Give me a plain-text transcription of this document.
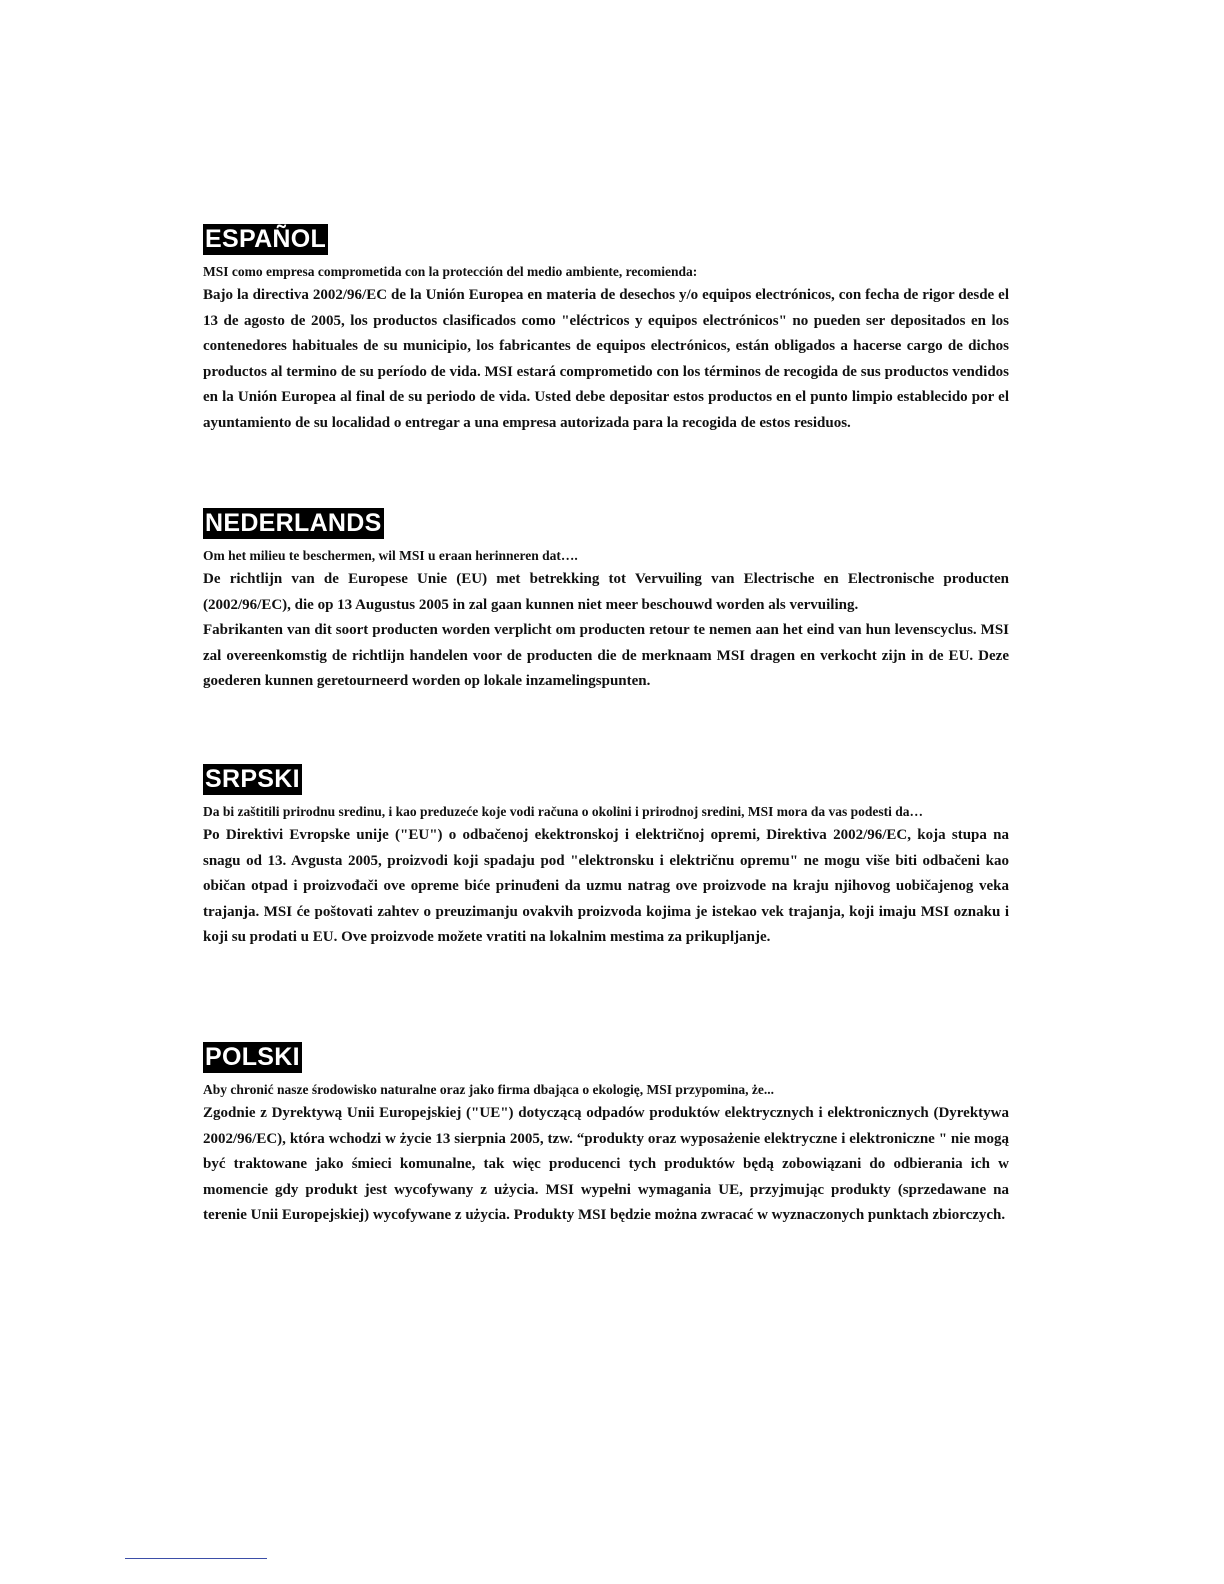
ESPAÑOL

MSI como empresa comprometida con la protección del medio ambiente, recomienda:

Bajo la directiva 2002/96/EC de la Unión Europea en materia de desechos y/o equipos electrónicos, con fecha de rigor desde el 13 de agosto de 2005, los productos clasificados como "eléctricos y equipos electrónicos" no pueden ser depositados en los contenedores habituales de su municipio, los fabricantes de equipos electrónicos, están obligados a hacerse cargo de dichos productos al termino de su período de vida. MSI estará comprometido con los términos de recogida de sus productos vendidos en la Unión Europea al final de su periodo de vida. Usted debe depositar estos productos en el punto limpio establecido por el ayuntamiento de su localidad o entregar a una empresa autorizada para la recogida de estos residuos.

NEDERLANDS

Om het milieu te beschermen, wil MSI u eraan herinneren dat….

De richtlijn van de Europese Unie (EU) met betrekking tot Vervuiling van Electrische en Electronische producten (2002/96/EC), die op 13 Augustus 2005 in zal gaan kunnen niet meer beschouwd worden als vervuiling.

Fabrikanten van dit soort producten worden verplicht om producten retour te nemen aan het eind van hun levenscyclus. MSI zal overeenkomstig de richtlijn handelen voor de producten die de merknaam MSI dragen en verkocht zijn in de EU. Deze goederen kunnen geretourneerd worden op lokale inzamelingspunten.

SRPSKI

Da bi zaštitili prirodnu sredinu, i kao preduzeće koje vodi računa o okolini i prirodnoj sredini, MSI mora da vas podesti da…

Po Direktivi Evropske unije ("EU") o odbačenoj ekektronskoj i električnoj opremi, Direktiva 2002/96/EC, koja stupa na snagu od 13. Avgusta 2005, proizvodi koji spadaju pod "elektronsku i električnu opremu" ne mogu više biti odbačeni kao običan otpad i proizvođači ove opreme biće prinuđeni da uzmu natrag ove proizvode na kraju njihovog uobičajenog veka trajanja. MSI će poštovati zahtev o preuzimanju ovakvih proizvoda kojima je istekao vek trajanja, koji imaju MSI oznaku i koji su prodati u EU. Ove proizvode možete vratiti na lokalnim mestima za prikupljanje.

POLSKI

Aby chronić nasze środowisko naturalne oraz jako firma dbająca o ekologię, MSI przypomina, że...

Zgodnie z Dyrektywą Unii Europejskiej ("UE") dotyczącą odpadów produktów elektrycznych i elektronicznych (Dyrektywa 2002/96/EC), która wchodzi w życie 13 sierpnia 2005, tzw. “produkty oraz wyposażenie elektryczne i elektroniczne " nie mogą być traktowane jako śmieci komunalne, tak więc producenci tych produktów będą zobowiązani do odbierania ich w momencie gdy produkt jest wycofywany z użycia. MSI wypełni wymagania UE, przyjmując produkty (sprzedawane na terenie Unii Europejskiej) wycofywane z użycia. Produkty MSI będzie można zwracać w wyznaczonych punktach zbiorczych.
